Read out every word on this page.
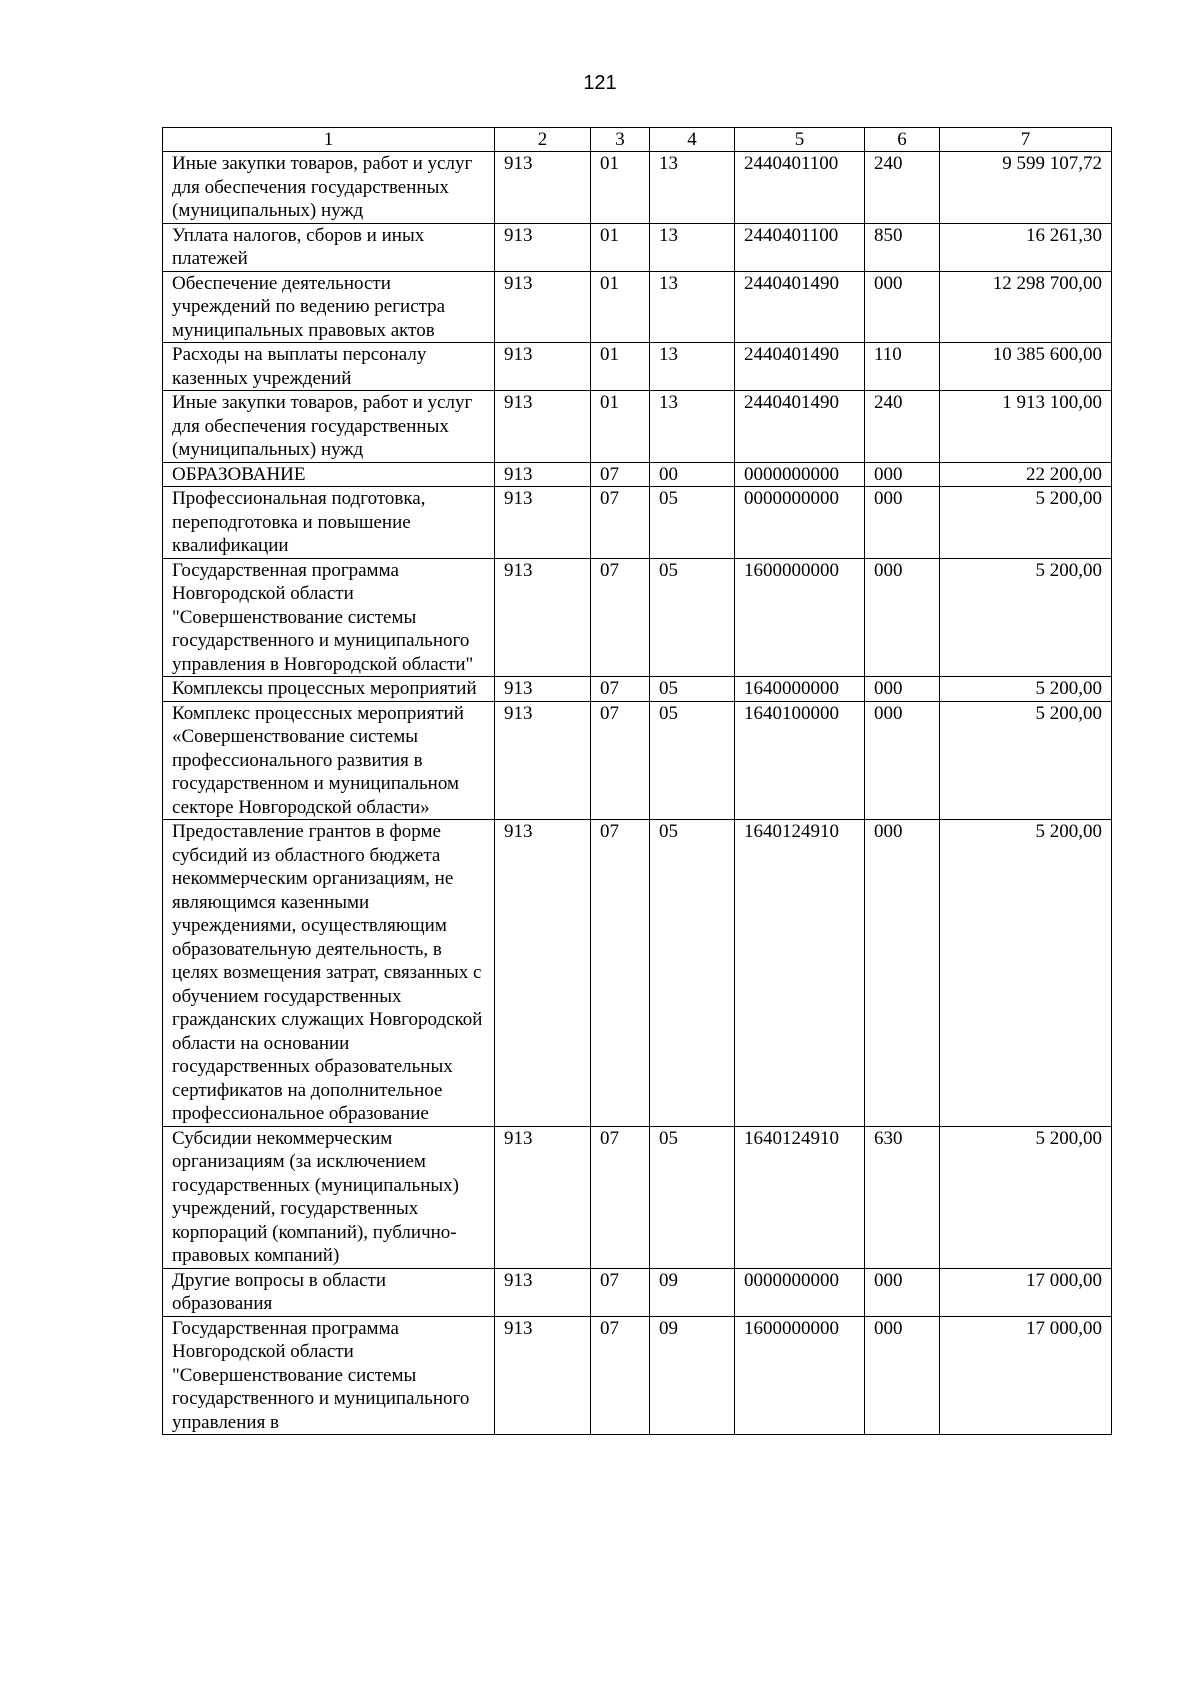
121
1	2	3	4	5	6	7
Иные закупки товаров, работ и услуг для обеспечения государственных (муниципальных) нужд	913	01	13	2440401100	240	9 599 107,72
Уплата налогов, сборов и иных платежей	913	01	13	2440401100	850	16 261,30
Обеспечение деятельности учреждений по ведению регистра муниципальных правовых актов	913	01	13	2440401490	000	12 298 700,00
Расходы на выплаты персоналу казенных учреждений	913	01	13	2440401490	110	10 385 600,00
Иные закупки товаров, работ и услуг для обеспечения государственных (муниципальных) нужд	913	01	13	2440401490	240	1 913 100,00
ОБРАЗОВАНИЕ	913	07	00	0000000000	000	22 200,00
Профессиональная подготовка, переподготовка и повышение квалификации	913	07	05	0000000000	000	5 200,00
Государственная программа Новгородской области "Совершенствование системы государственного и муниципального управления в Новгородской области"	913	07	05	1600000000	000	5 200,00
Комплексы процессных мероприятий	913	07	05	1640000000	000	5 200,00
Комплекс процессных мероприятий «Совершенствование системы профессионального развития в государственном и муниципальном секторе Новгородской области»	913	07	05	1640100000	000	5 200,00
Предоставление грантов в форме субсидий из областного бюджета некоммерческим организациям, не являющимся казенными учреждениями, осуществляющим образовательную деятельность, в целях возмещения затрат, связанных с обучением государственных гражданских служащих Новгородской области на основании государственных образовательных сертификатов на дополнительное профессиональное образование	913	07	05	1640124910	000	5 200,00
Субсидии некоммерческим организациям (за исключением государственных (муниципальных) учреждений, государственных корпораций (компаний), публично-правовых компаний)	913	07	05	1640124910	630	5 200,00
Другие вопросы в области образования	913	07	09	0000000000	000	17 000,00
Государственная программа Новгородской области "Совершенствование системы государственного и муниципального управления в	913	07	09	1600000000	000	17 000,00
